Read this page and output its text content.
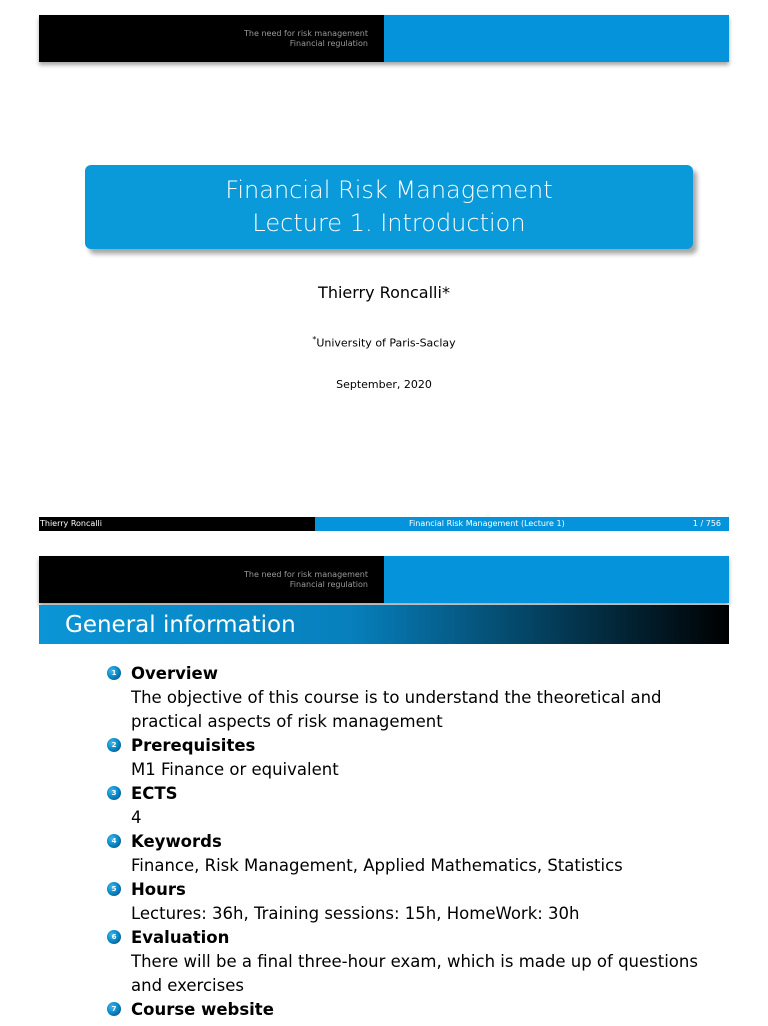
The need for risk management
Financial regulation
Financial Risk Management
Lecture 1. Introduction
Thierry Roncalli*
*University of Paris-Saclay
September, 2020
Thierry Roncalli	Financial Risk Management (Lecture 1)	1 / 756
The need for risk management
Financial regulation
General information
1 Overview
The objective of this course is to understand the theoretical and practical aspects of risk management
2 Prerequisites
M1 Finance or equivalent
3 ECTS
4
4 Keywords
Finance, Risk Management, Applied Mathematics, Statistics
5 Hours
Lectures: 36h, Training sessions: 15h, HomeWork: 30h
6 Evaluation
There will be a final three-hour exam, which is made up of questions and exercises
7 Course website
